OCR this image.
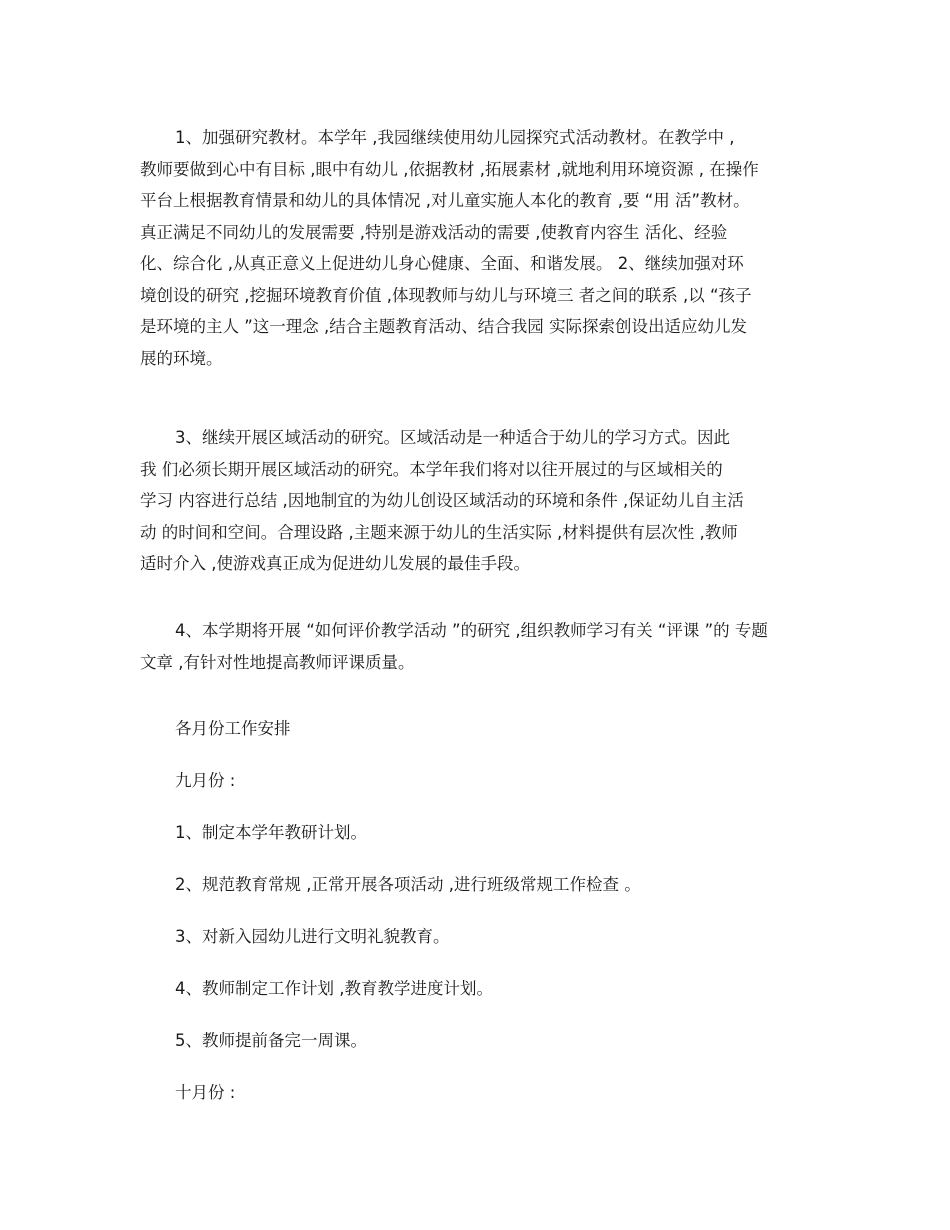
1、加强研究教材。本学年 ,我园继续使用幼儿园探究式活动教材。在教学中 ,
教师要做到心中有目标 ,眼中有幼儿 ,依据教材 ,拓展素材 ,就地利用环境资源 , 在操作
平台上根据教育情景和幼儿的具体情况 ,对儿童实施人本化的教育 ,要 “用 活”教材。
真正满足不同幼儿的发展需要 ,特别是游戏活动的需要 ,使教育内容生 活化、经验
化、综合化 ,从真正意义上促进幼儿身心健康、全面、和谐发展。 2、继续加强对环
境创设的研究 ,挖掘环境教育价值 ,体现教师与幼儿与环境三 者之间的联系 ,以 “孩子
是环境的主人 ”这一理念 ,结合主题教育活动、结合我园 实际探索创设出适应幼儿发
展的环境。
3、继续开展区域活动的研究。区域活动是一种适合于幼儿的学习方式。因此
我 们必须长期开展区域活动的研究。本学年我们将对以往开展过的与区域相关的
学习 内容进行总结 ,因地制宜的为幼儿创设区域活动的环境和条件 ,保证幼儿自主活
动 的时间和空间。合理设路 ,主题来源于幼儿的生活实际 ,材料提供有层次性 ,教师
适时介入 ,使游戏真正成为促进幼儿发展的最佳手段。
4、本学期将开展 “如何评价教学活动 ”的研究 ,组织教师学习有关 “评课 ”的 专题
文章 ,有针对性地提高教师评课质量。
各月份工作安排
九月份 :
1、制定本学年教研计划。
2、规范教育常规 ,正常开展各项活动 ,进行班级常规工作检查 。
3、对新入园幼儿进行文明礼貌教育。
4、教师制定工作计划 ,教育教学进度计划。
5、教师提前备完一周课。
十月份 :
